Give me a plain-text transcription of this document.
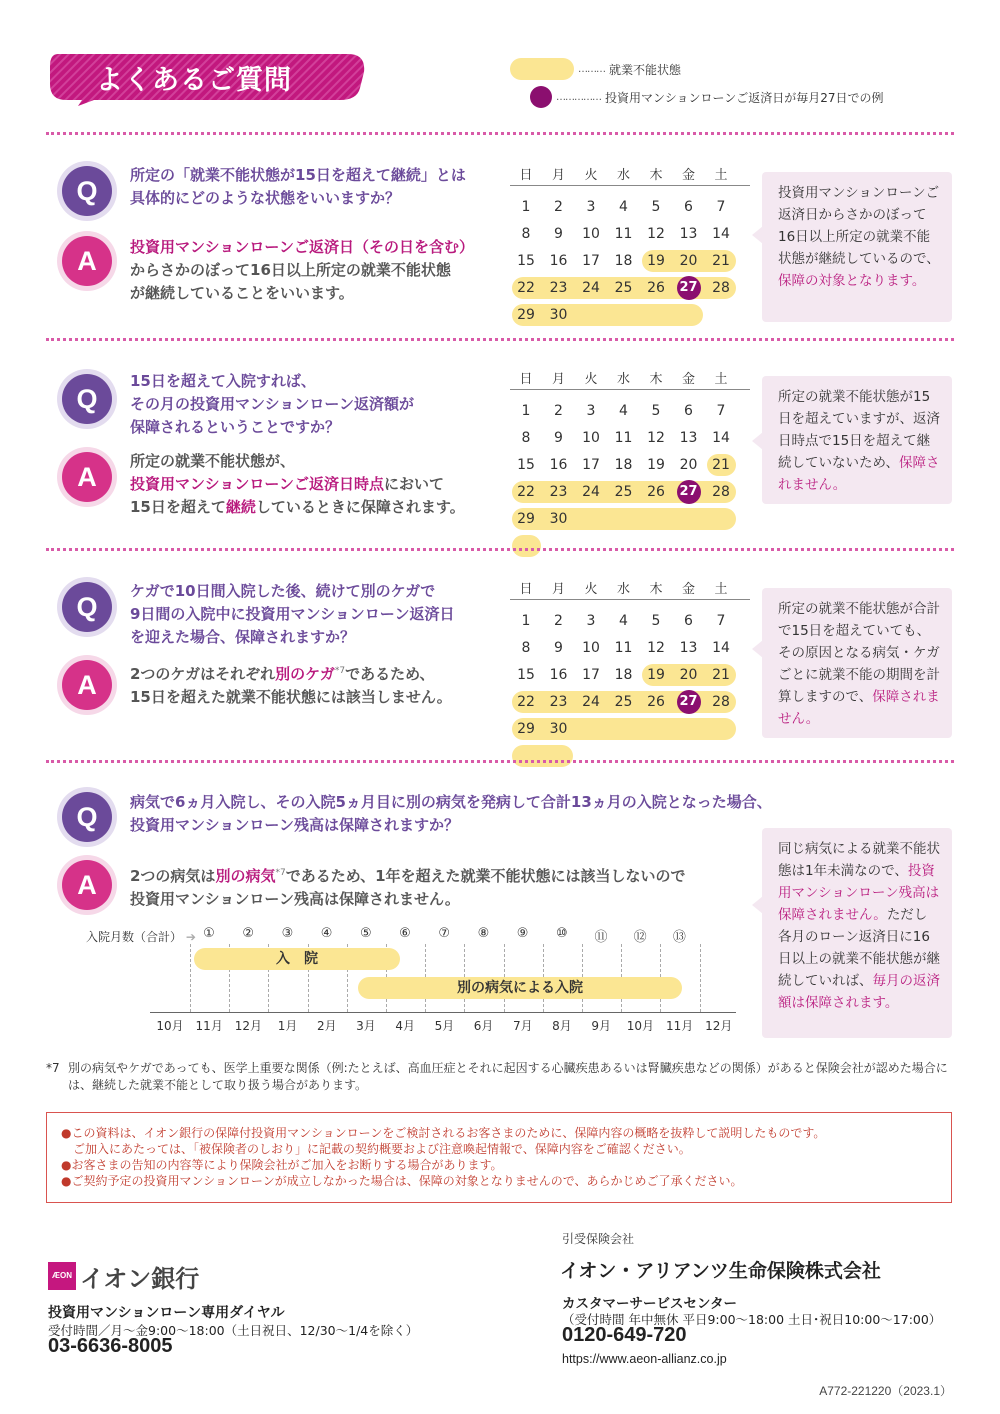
よくあるご質問	……… 就業不能状態
…………… 投資用マンションローンご返済日が毎月27日での例
Q
所定の「就業不能状態が15日を超えて継続」とは
具体的にどのような状態をいいますか？
A 投資用マンションローンご返済日（その日を含む）
からさかのぼって16日以上所定の就業不能状態
が継続していることをいいます。
日	月	火	水	木	金	土
1	2	3	4	5	6	7
8	9	10	11	12	13	14
15	16	17	18	19	20	21
22	23	24	25	26	27	28
29	30
投資用マンションローンご返済日からさかのぼって16日以上所定の就業不能状態が継続しているので、保障の対象となります。
Q
15日を超えて入院すれば、
その月の投資用マンションローン返済額が
保障されるということですか？
A
所定の就業不能状態が、
投資用マンションローンご返済日時点において
15日を超えて継続しているときに保障されます。
日	月	火	水	木	金	土
1	2	3	4	5	6	7
8	9	10	11	12	13	14
15	16	17	18	19	20	21
22	23	24	25	26	27	28
29	30
所定の就業不能状態が15日を超えていますが、返済日時点で15日を超えて継続していないため、保障されません。
Q
ケガで10日間入院した後、続けて別のケガで
9日間の入院中に投資用マンションローン返済日
を迎えた場合、保障されますか？
A 2つのケガはそれぞれ別のケガ$^{*7}$であるため、
15日を超えた就業不能状態には該当しません。
日	月	火	水	木	金	土
1	2	3	4	5	6	7
8	9	10	11	12	13	14
15	16	17	18	19	20	21
22	23	24	25	26	27	28
29	30
所定の就業不能状態が合計で15日を超えていても、その原因となる病気・ケガごとに就業不能の期間を計算しますので、保障されません。
Q 病気で6ヵ月入院し、その入院5ヵ月目に別の病気を発病して合計13ヵ月の入院となった場合、
投資用マンションローン残高は保障されますか？
A 2つの病気は別の病気$^{*7}$であるため、1年を超えた就業不能状態には該当しないので
投資用マンションローン残高は保障されません。
入院月数（合計） ➔ ①	②	③	④	⑤	⑥	⑦	⑧	⑨	⑩	⑪ ⑫ ⑬
10月 11月 12月	1月	2月	3月	4月	5月	6月	7月	8月	9月	10月 11月 12月
入　院
別の病気による入院
同じ病気による就業不能状態は1年未満なので、投資用マンションローン残高は保障されません。ただし各月のローン返済日に16日以上の就業不能状態が継続していれば、毎月の返済額は保障されます。
*7 別の病気やケガであっても、医学上重要な関係（例:たとえば、高血圧症とそれに起因する心臓疾患あるいは腎臓疾患などの関係）があると保険会社が認めた場合には、継続した就業不能として取り扱う場合があります。

●この資料は、イオン銀行の保障付投資用マンションローンをご検討されるお客さまのために、保障内容の概略を抜粋して説明したものです。

　ご加入にあたっては、「被保険者のしおり」に記載の契約概要および注意喚起情報で、保障内容をご確認ください。

●お客さまの告知の内容等により保険会社がご加入をお断りする場合があります。

●ご契約予定の投資用マンションローンが成立しなかった場合は、保障の対象となりませんので、あらかじめご了承ください。

ÆON イオン銀行
投資用マンションローン専用ダイヤル
受付時間／月～金9:00～18:00（土日祝日、12/30～1/4を除く）
03-6636-8005
引受保険会社
イオン・アリアンツ生命保険株式会社
カスタマーサービスセンター
（受付時間 年中無休 平日9:00～18:00 土日･祝日10:00～17:00）
0120-649-720
https://www.aeon-allianz.co.jp
A772-221220（2023.1）
